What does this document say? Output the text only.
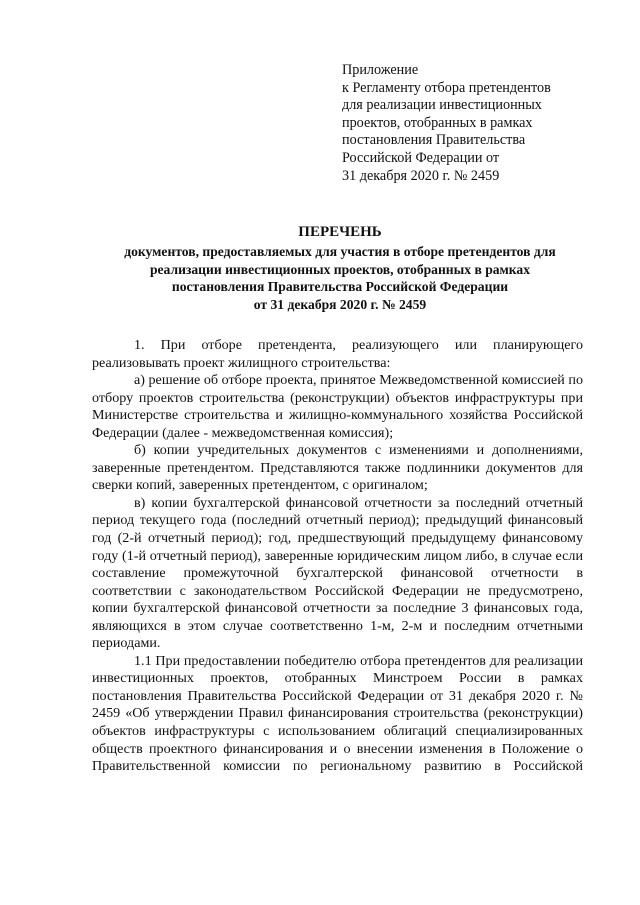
Приложение
к Регламенту отбора претендентов
для реализации инвестиционных
проектов, отобранных в рамках
постановления Правительства
Российской Федерации от
31 декабря 2020 г. № 2459
ПЕРЕЧЕНЬ
документов, предоставляемых для участия в отборе претендентов для
реализации инвестиционных проектов, отобранных в рамках
постановления Правительства Российской Федерации
от 31 декабря 2020 г. № 2459

1. При отборе претендента, реализующего или планирующего реализовывать проект жилищного строительства:

а) решение об отборе проекта, принятое Межведомственной комиссией по отбору проектов строительства (реконструкции) объектов инфраструктуры при Министерстве строительства и жилищно-коммунального хозяйства Российской Федерации (далее - межведомственная комиссия);

б) копии учредительных документов с изменениями и дополнениями, заверенные претендентом. Представляются также подлинники документов для сверки копий, заверенных претендентом, с оригиналом;

в) копии бухгалтерской финансовой отчетности за последний отчетный период текущего года (последний отчетный период); предыдущий финансовый год (2-й отчетный период); год, предшествующий предыдущему финансовому году (1-й отчетный период), заверенные юридическим лицом либо, в случае если составление промежуточной бухгалтерской финансовой отчетности в соответствии с законодательством Российской Федерации не предусмотрено, копии бухгалтерской финансовой отчетности за последние 3 финансовых года, являющихся в этом случае соответственно 1-м, 2-м и последним отчетными периодами.

1.1 При предоставлении победителю отбора претендентов для реализации инвестиционных проектов, отобранных Минстроем России в рамках постановления Правительства Российской Федерации от 31 декабря 2020 г. № 2459 «Об утверждении Правил финансирования строительства (реконструкции) объектов инфраструктуры с использованием облигаций специализированных обществ проектного финансирования и о внесении изменения в Положение о Правительственной комиссии по региональному развитию в Российской
